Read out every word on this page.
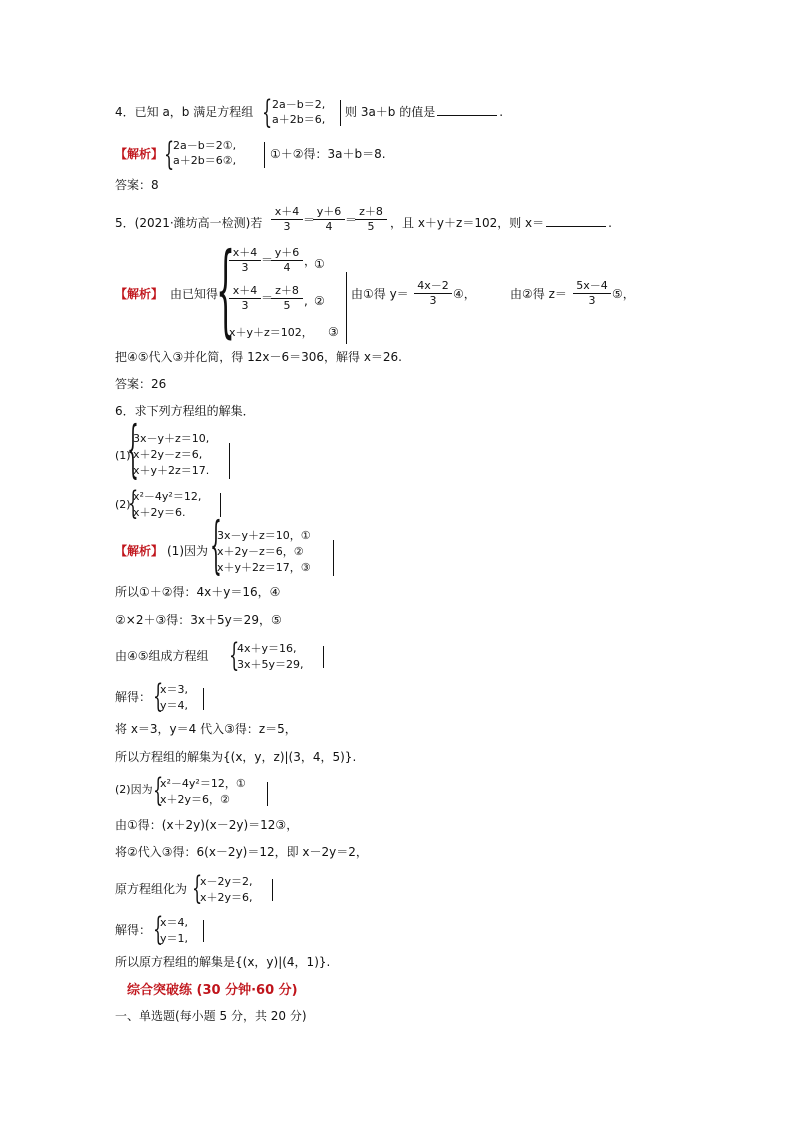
4．已知 a，b 满足方程组 { 2a－b＝2,
a＋2b＝6,
则 3a＋b 的值是	.
【解析】 {
2a－b＝2①,
a＋2b＝6②,	①＋②得：3a＋b＝8.
答案：8
5．(2021·潍坊高一检测)若 $\frac{x+4}{3}$ ＝
$\frac{y+6}{4}$ ＝
$\frac{z+8}{5}$ ，且 x＋y＋z＝102，则 x＝	.
【解析】 由已知得
{
$\frac{x+4}{3}$ ＝
$\frac{y+6}{4}$ ，
①
$\frac{x+4}{3}$ ＝
$\frac{z+8}{5}$ , ②
x＋y＋z＝102， ③
由①得 $y= \frac{4x-2}{3}$ ④，	由②得 $z= \frac{5x-4}{3}$ ⑤，
把④⑤代入③并化简，得 12x－6＝306，解得 x＝26.
答案：26
6．求下列方程组的解集．
(1)
{
3x－y＋z＝10,
x＋2y－z＝6,
x＋y＋2z＝17.
(2)
{
x²－4y²＝12,
x＋2y＝6.
【解析】 (1)因为 {
3x－y＋z＝10，①
x＋2y－z＝6，②
x＋y＋2z＝17，③
所以①＋②得：4x＋y＝16，④
②×2＋③得：3x＋5y＝29，⑤
由④⑤组成方程组 {
4x＋y＝16,
3x＋5y＝29,
解得： {
x＝3,
y＝4,
将 x＝3，y＝4 代入③得：z＝5，
所以方程组的解集为{(x，y，z)|(3，4，5)}.
(2)因为 {
x²－4y²＝12，①
x＋2y＝6，②
由①得：(x＋2y)(x－2y)＝12③，
将②代入③得：6(x－2y)＝12，即 x－2y＝2，
原方程组化为 {
x－2y＝2,
x＋2y＝6,
解得： {
x＝4,
y＝1,
所以原方程组的解集是{(x，y)|(4，1)}.
综合突破练 (30 分钟·60 分)
一、单选题(每小题 5 分，共 20 分)
